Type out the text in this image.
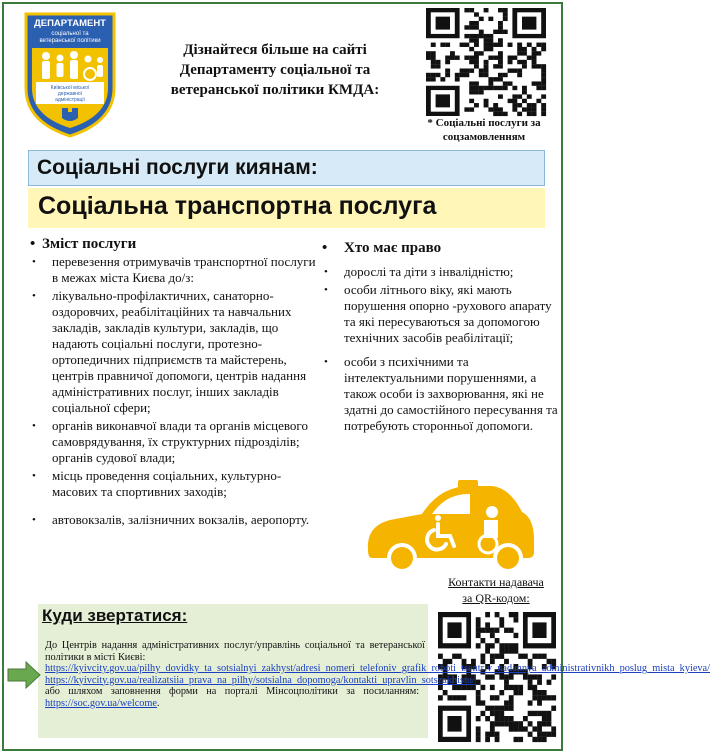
ДЕПАРТАМЕНТ
соціальної та
ветеранської політики
Київської міської
державної
адміністрації
Дізнайтеся більше на сайті
Департаменту соціальної та
ветеранської політики КМДА:
* Соціальні послуги за
соцзамовленням
Соціальні послуги киянам:
Соціальна транспортна послуга
• Зміст послуги
•	перевезення отримувачів транспортної послуги в межах міста Києва до/з:
•	лікувально-профілактичних, санаторно-оздоровчих, реабілітаційних та навчальних закладів, закладів культури, закладів, що надають соціальні послуги, протезно-ортопедичних підприємств та майстерень, центрів правничої допомоги, центрів надання адміністративних послуг, інших закладів соціальної сфери;
•	органів виконавчої влади та органів місцевого самоврядування, їх структурних підрозділів; органів судової влади;
•	місць проведення соціальних, культурно-масових та спортивних заходів;
•	автовокзалів, залізничних вокзалів, аеропорту.
•	Хто має право
•	дорослі та діти з інвалідністю;
•	особи літнього віку, які мають порушення опорно -рухового апарату та які пересуваються за допомогою технічних засобів реабілітації;
•	особи з психічними та інтелектуальними порушеннями, а також особи із захворювання, які не здатні до самостійного пересування та потребують сторонньої допомоги.
Контакти надавача
за QR-кодом:
Куди звертатися:
До Центрів надання адміністративних послуг/управлінь соціальної та ветеранської політики в місті Києві:
https://kyivcity.gov.ua/pilhy_dovidky_ta_sotsialnyi_zakhyst/adresi_nomeri_telefoniv_grafik_roboti_tsentriv_nadannya_administrativnikh_poslug_mista_kyieva/
https://kyivcity.gov.ua/realizatsiia_prava_na_pilhy/sotsialna_dopomoga/kontakti_upravlin_sotszakhistu/ або шляхом заповнення форми на порталі Мінсоцполітики за посиланням: https://soc.gov.ua/welcome.
